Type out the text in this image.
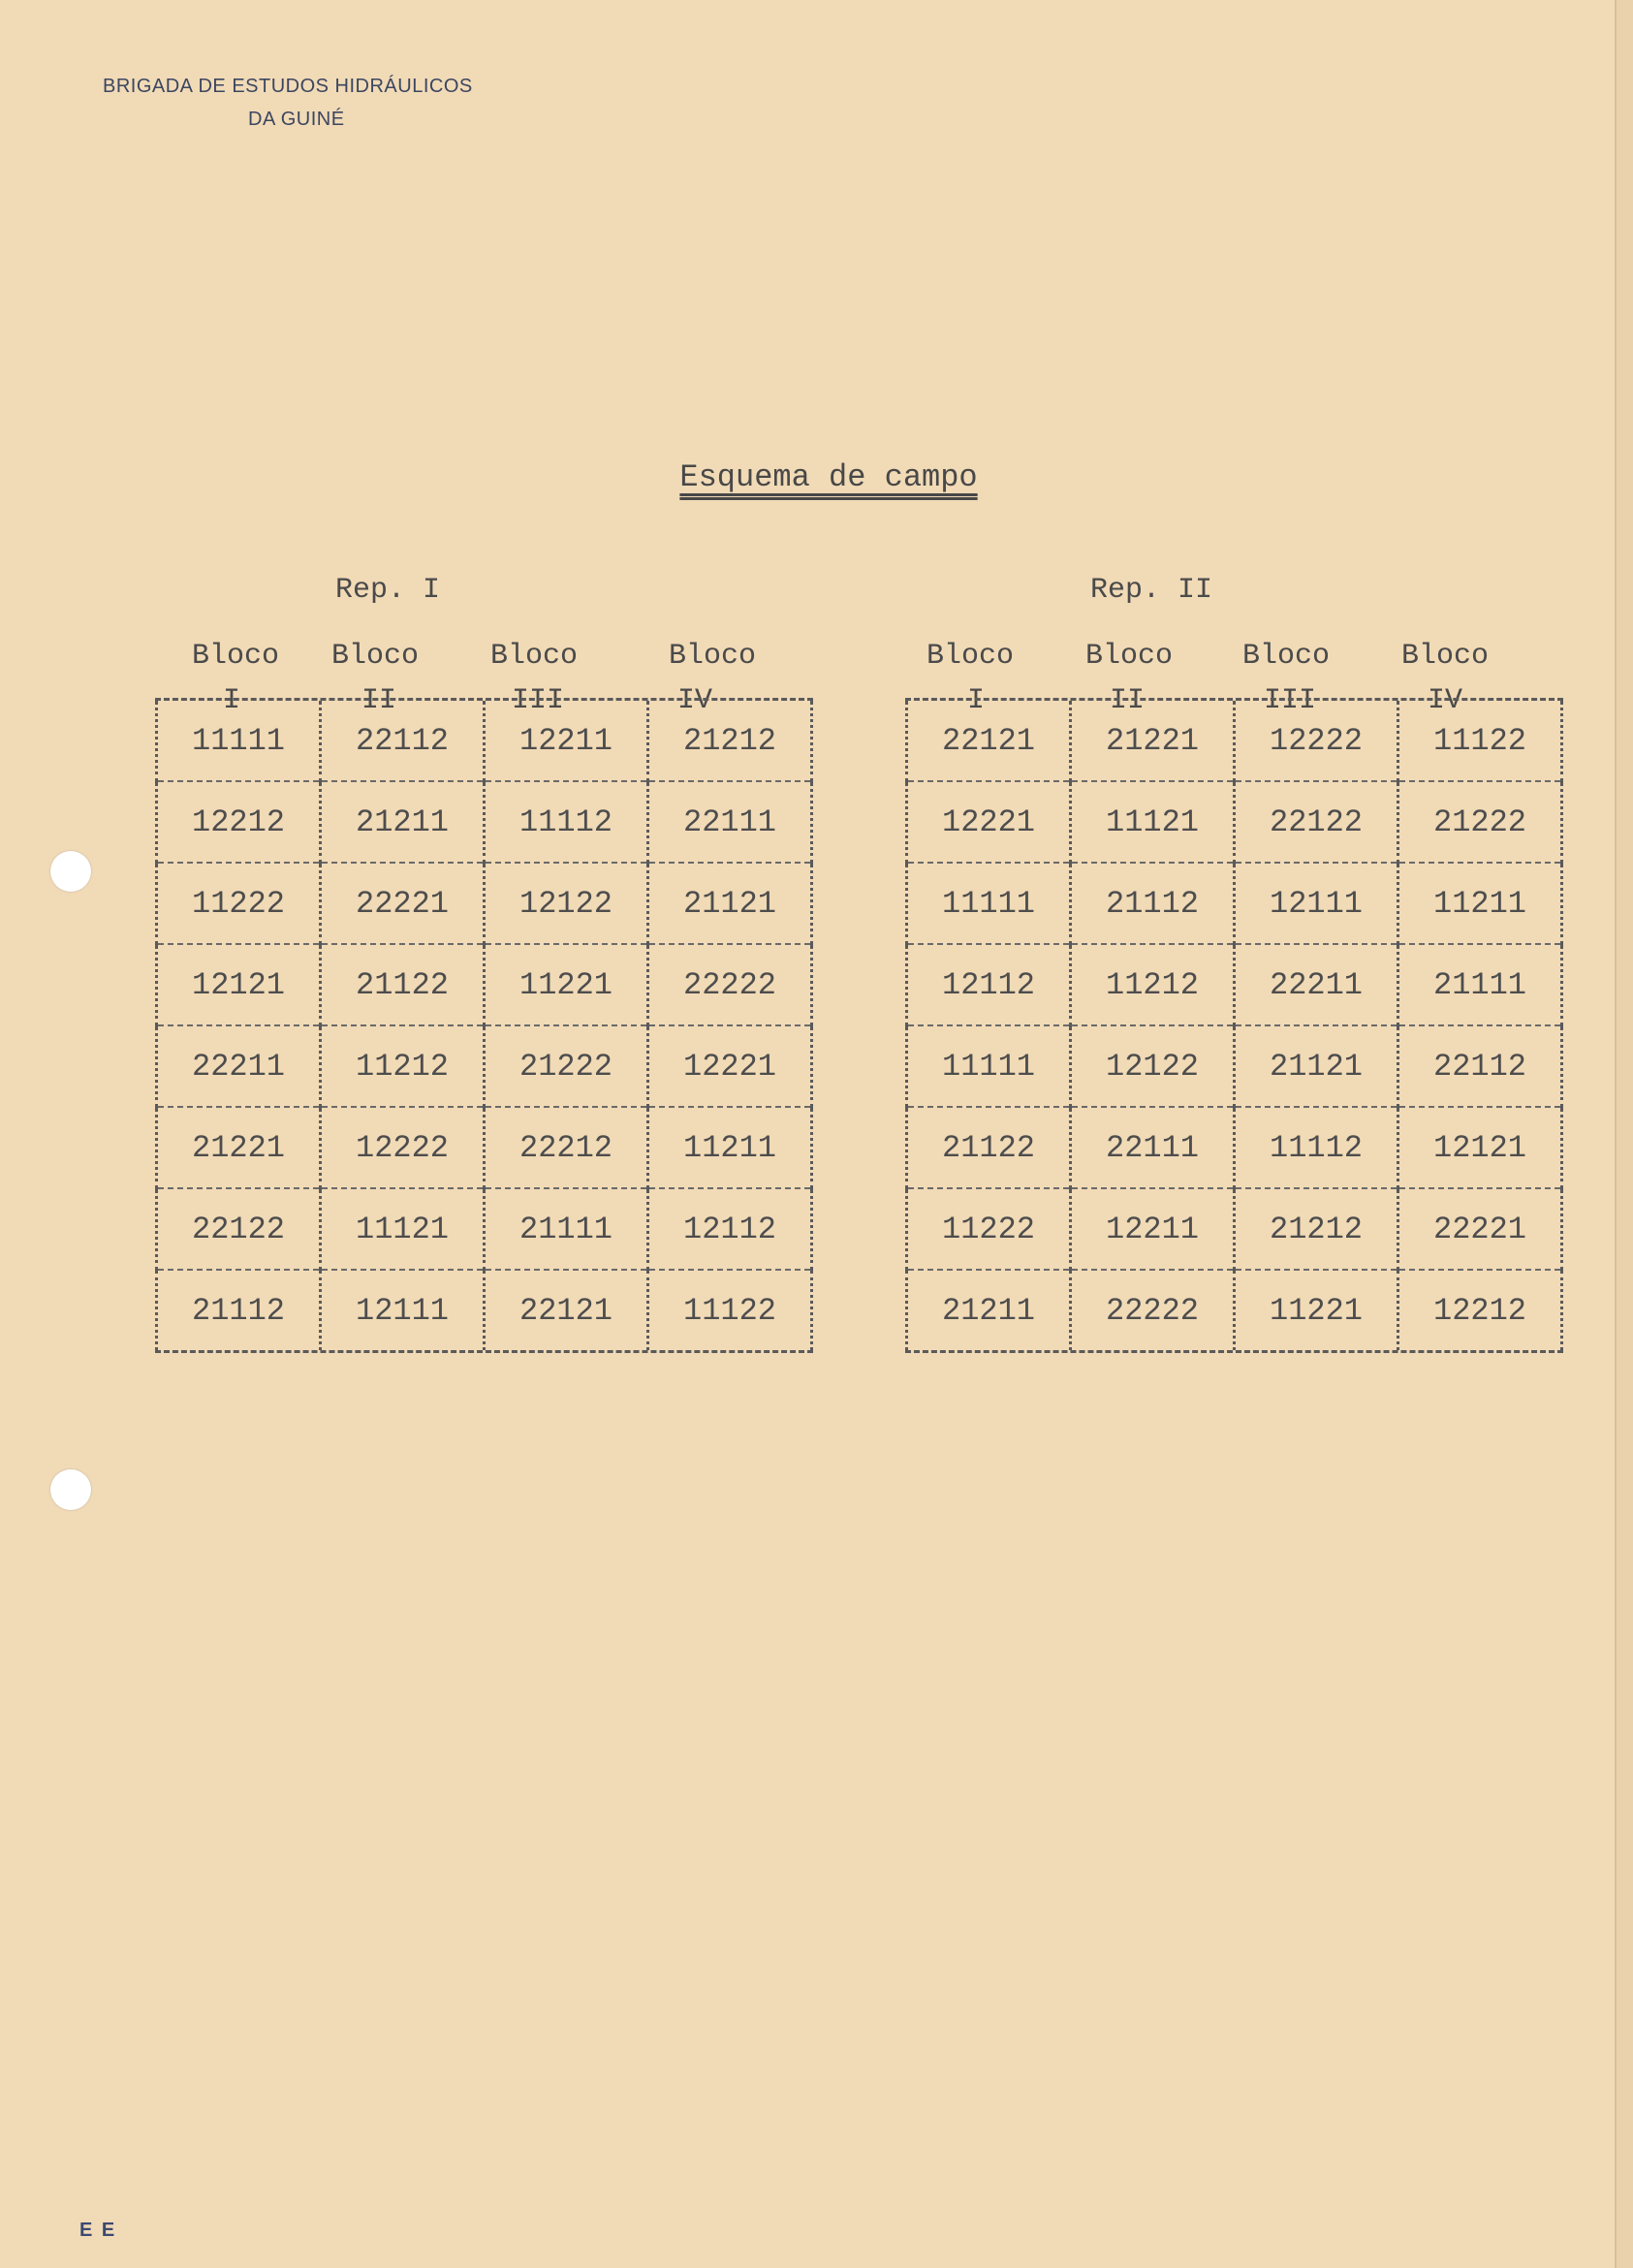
BRIGADA DE ESTUDOS HIDRÁULICOS
DA GUINÉ
Esquema de campo
Rep. I
Bloco	Bloco	Bloco	Bloco
I	II	III	IV
11111	22112	12211	21212
12212	21211	11112	22111
11222	22221	12122	21121
12121	21122	11221	22222
22211	11212	21222	12221
21221	12222	22212	11211
22122	11121	21111	12112
21112	12111	22121	11122
Rep. II
Bloco	Bloco	Bloco	Bloco
I	II	III	IV
22121	21221	12222	11122
12221	11121	22122	21222
11111	21112	12111	11211
12112	11212	22211	21111
11111	12122	21121	22112
21122	22111	11112	12121
11222	12211	21212	22221
21211	22222	11221	12212
E E
